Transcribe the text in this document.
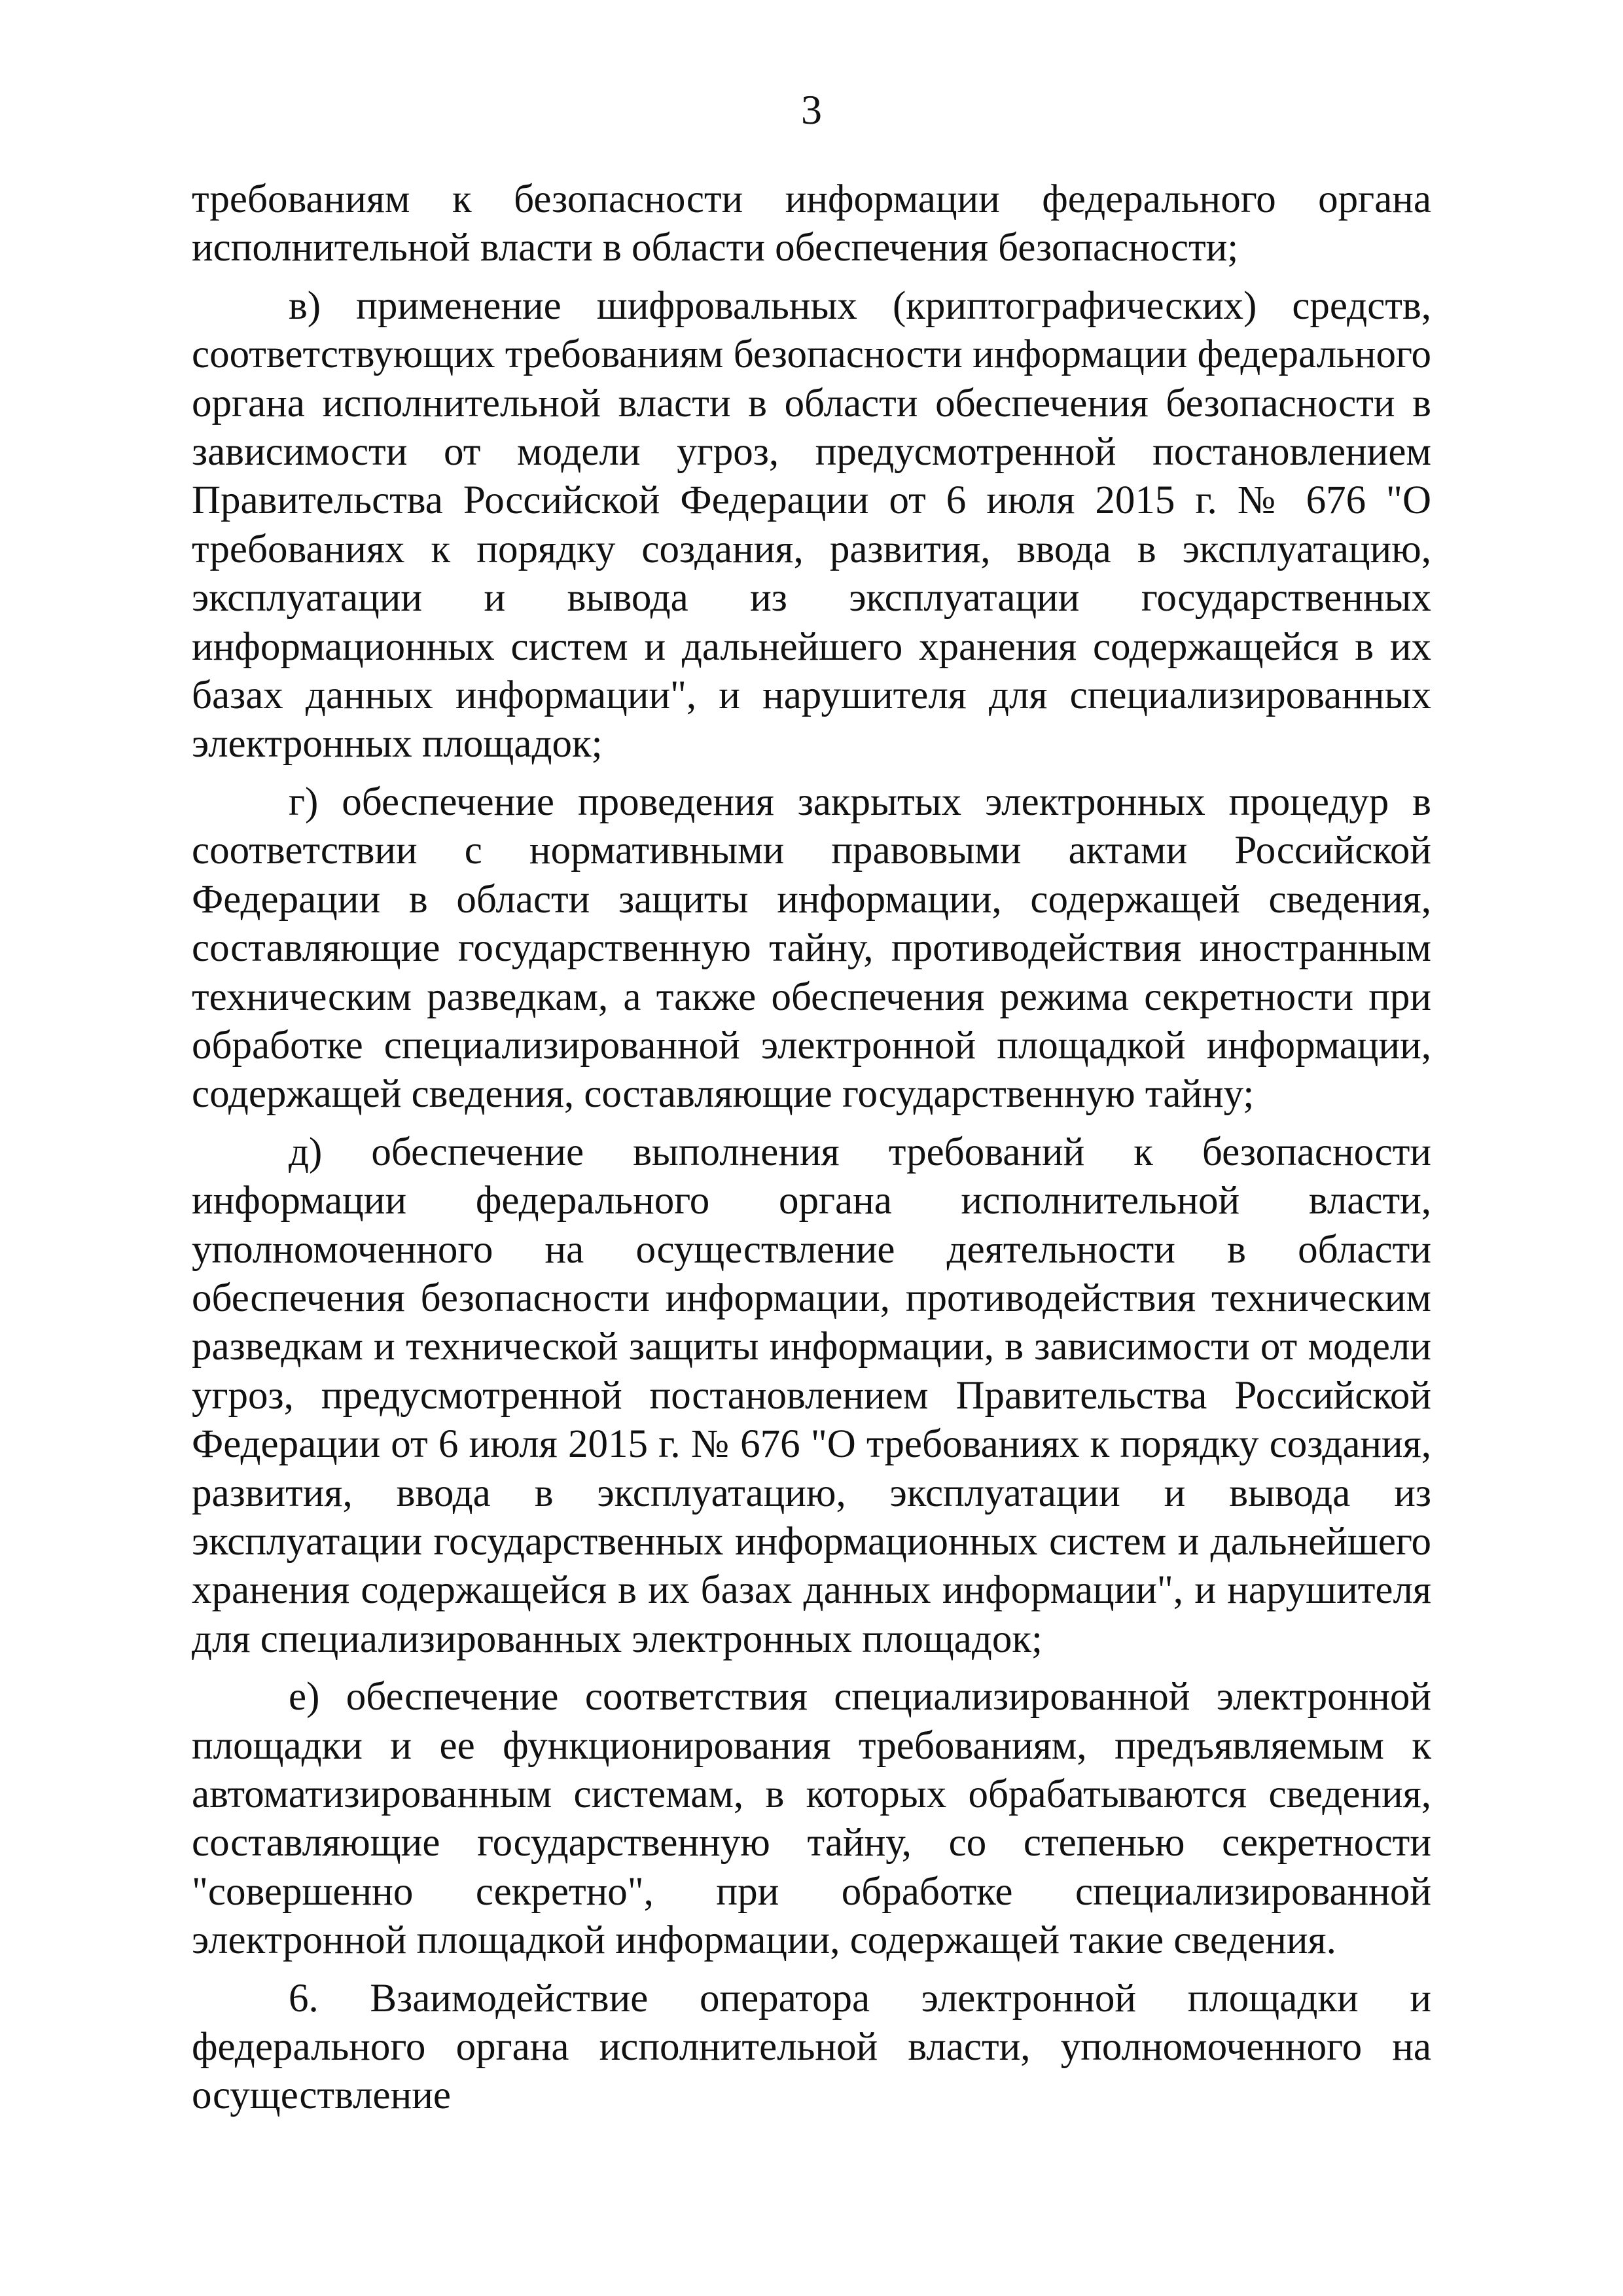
3

требованиям к безопасности информации федерального органа исполнительной власти в области обеспечения безопасности;

в) применение шифровальных (криптографических) средств, соответствующих требованиям безопасности информации федерального органа исполнительной власти в области обеспечения безопасности в зависимости от модели угроз, предусмотренной постановлением Правительства Российской Федерации от 6 июля 2015 г. № 676 "О требованиях к порядку создания, развития, ввода в эксплуатацию, эксплуатации и вывода из эксплуатации государственных информационных систем и дальнейшего хранения содержащейся в их базах данных информации", и нарушителя для специализированных электронных площадок;

г) обеспечение проведения закрытых электронных процедур в соответствии с нормативными правовыми актами Российской Федерации в области защиты информации, содержащей сведения, составляющие государственную тайну, противодействия иностранным техническим разведкам, а также обеспечения режима секретности при обработке специализированной электронной площадкой информации, содержащей сведения, составляющие государственную тайну;

д) обеспечение выполнения требований к безопасности информации федерального органа исполнительной власти, уполномоченного на осуществление деятельности в области обеспечения безопасности информации, противодействия техническим разведкам и технической защиты информации, в зависимости от модели угроз, предусмотренной постановлением Правительства Российской Федерации от 6 июля 2015 г. № 676 "О требованиях к порядку создания, развития, ввода в эксплуатацию, эксплуатации и вывода из эксплуатации государственных информационных систем и дальнейшего хранения содержащейся в их базах данных информации", и нарушителя для специализированных электронных площадок;

е) обеспечение соответствия специализированной электронной площадки и ее функционирования требованиям, предъявляемым к автоматизированным системам, в которых обрабатываются сведения, составляющие государственную тайну, со степенью секретности "совершенно секретно", при обработке специализированной электронной площадкой информации, содержащей такие сведения.

6. Взаимодействие оператора электронной площадки и федерального органа исполнительной власти, уполномоченного на осуществление
